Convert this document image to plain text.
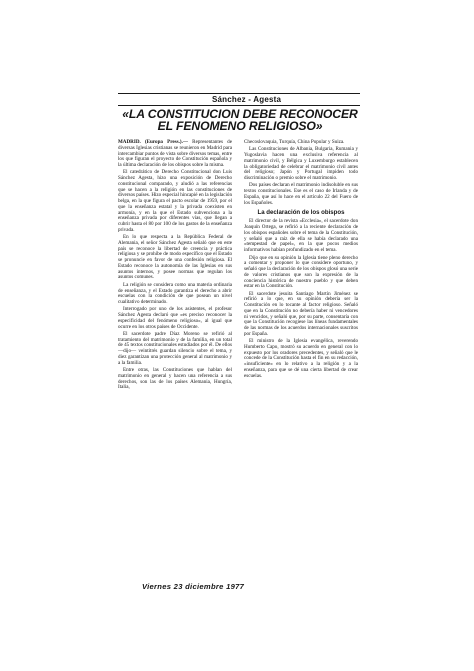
Sánchez - Agesta
«LA CONSTITUCION DEBE RECONOCER EL FENOMENO RELIGIOSO»

MADRID. (Europa Press.).— Representantes de diversas Iglesias cristianas se reunieron en Madrid para intercambiar puntos de vista sobre diversos temas, entre los que figuran el proyecto de Constitución española y la última declaración de los obispos sobre la misma.

El catedrático de Derecho Constitucional don Luis Sánchez Agesta, hizo una exposición de Derecho constitucional comparado, y aludió a las referencias que se hacen a la religión en las constituciones de diversos países. Hizo especial hincapié en la legislación belga, en la que figura el pacto escolar de 1959, por el que la enseñanza estatal y la privada coexisten en armonía, y en la que el Estado subvenciona a la enseñanza privada por diferentes vías, que llegan a cubrir hasta el 80 por 100 de los gastos de la enseñanza privada.

En lo que respecta a la República Federal de Alemania, el señor Sánchez Agesta señaló que en este país se reconoce la libertad de creencia y práctica religiosa y se prohíbe de modo específico que el Estado se pronuncie en favor de una confesión religiosa. El Estado reconoce la autonomía de las Iglesias en sus asuntos internos, y posee normas que regulan los asuntos comunes.

La religión se considera como una materia ordinaria de enseñanza, y el Estado garantiza el derecho a abrir escuelas con la condición de que posean un nivel cualitativo determinado.

Interrogado por uno de los asistentes, el profesor Sánchez Agesta declaró que «es preciso reconocer la especificidad del fenómeno religioso», al igual que ocurre en los otros países de Occidente.

El sacerdote padre Díaz Moreno se refirió al tratamiento del matrimonio y de la familia, en un total de 45 textos constitucionales estudiados por él. De ellos —dijo— veintitrés guardan silencio sobre el tema, y diez garantizan una protección general al matrimonio y a la familia.

Entre otras, las Constituciones que hablan del matrimonio en general y hacen una referencia a sus derechos, son las de los países Alemania, Hungría, Italia,

Checoslovaquia, Turquía, China Popular y Suiza.

Las Constituciones de Albania, Bulgaria, Rumania y Yugoslavia hacen una exclusiva referencia al matrimonio civil, y Bélgica y Luxemburgo establecen la obligatoriedad de celebrar el matrimonio civil antes del religioso; Japón y Portugal impiden todo discriminación o premio sobre el matrimonio.

Dos países declaran el matrimonio indisoluble en sus textos constitucionales. Ese es el caso de Irlanda y de España, que así lo hace en el artículo 22 del Fuero de los Españoles.

La declaración de los obispos

El director de la revista «Ecclesia», el sacerdote don Joaquín Ortega, se refirió a la reciente declaración de los obispos españoles sobre el tema de la Constitución, y señaló que a raíz de ella se había declarado una «tempestad de papel», en la que pocos medios informativos habían profundizado en el tema.

Dijo que en su opinión la Iglesia tiene pleno derecho a comentar y proponer lo que considere oportuno, y señaló que la declaración de los obispos glosó una serie de valores cristianos que son la expresión de la conciencia histórica de nuestro pueblo y que deben estar en la Constitución.

El sacerdote jesuita Santiago Martín Jiménez se refirió a lo que, en su opinión debería ser la Constitución en lo tocante al factor religioso. Señaló que en la Constitución no debería haber ni vencedores ni vencidos, y señaló que, por su parte, consentaría con que la Constitución recogiese las líneas fundamentales de las normas de los acuerdos internacionales suscritos por España.

El ministro de la Iglesia evangélica, reverendo Humberto Capo, mostró su acuerdo en general con lo expuesto por los oradores precedentes, y señaló que le concede de la Constitución hasta el fin en su redacción, «insuficiente» en lo relativo a la religión y a la enseñanza, para que se dé una cierta libertad de crear escuelas.

Viernes 23 diciembre 1977
